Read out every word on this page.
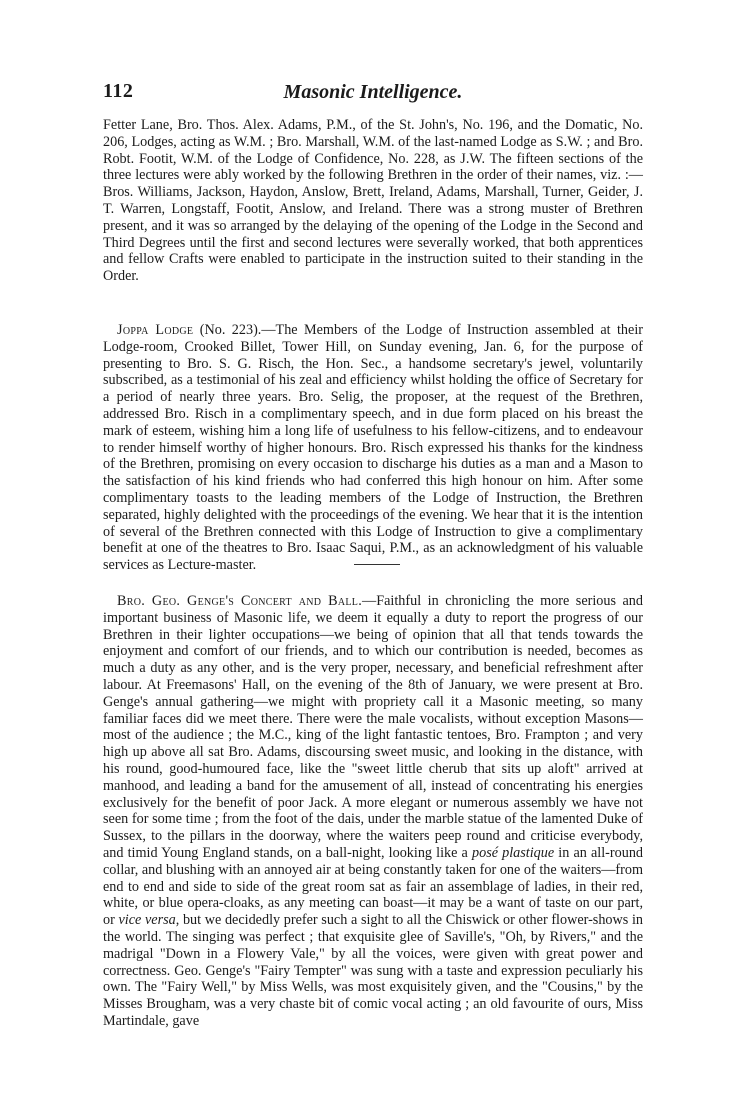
112	Masonic Intelligence.

Fetter Lane, Bro. Thos. Alex. Adams, P.M., of the St. John's, No. 196, and the Domatic, No. 206, Lodges, acting as W.M. ; Bro. Marshall, W.M. of the last-named Lodge as S.W. ; and Bro. Robt. Footit, W.M. of the Lodge of Confidence, No. 228, as J.W. The fifteen sections of the three lectures were ably worked by the following Brethren in the order of their names, viz. :—Bros. Williams, Jackson, Haydon, Anslow, Brett, Ireland, Adams, Marshall, Turner, Geider, J. T. Warren, Longstaff, Footit, Anslow, and Ireland. There was a strong muster of Brethren present, and it was so arranged by the delaying of the opening of the Lodge in the Second and Third Degrees until the first and second lectures were severally worked, that both apprentices and fellow Crafts were enabled to participate in the instruction suited to their standing in the Order.

Joppa Lodge (No. 223).—The Members of the Lodge of Instruction assembled at their Lodge-room, Crooked Billet, Tower Hill, on Sunday evening, Jan. 6, for the purpose of presenting to Bro. S. G. Risch, the Hon. Sec., a handsome secretary's jewel, voluntarily subscribed, as a testimonial of his zeal and efficiency whilst holding the office of Secretary for a period of nearly three years. Bro. Selig, the proposer, at the request of the Brethren, addressed Bro. Risch in a complimentary speech, and in due form placed on his breast the mark of esteem, wishing him a long life of usefulness to his fellow-citizens, and to endeavour to render himself worthy of higher honours. Bro. Risch expressed his thanks for the kindness of the Brethren, promising on every occasion to discharge his duties as a man and a Mason to the satisfaction of his kind friends who had conferred this high honour on him. After some complimentary toasts to the leading members of the Lodge of Instruction, the Brethren separated, highly delighted with the proceedings of the evening. We hear that it is the intention of several of the Brethren connected with this Lodge of Instruction to give a complimentary benefit at one of the theatres to Bro. Isaac Saqui, P.M., as an acknowledgment of his valuable services as Lecture-master.

Bro. Geo. Genge's Concert and Ball.—Faithful in chronicling the more serious and important business of Masonic life, we deem it equally a duty to report the progress of our Brethren in their lighter occupations—we being of opinion that all that tends towards the enjoyment and comfort of our friends, and to which our contribution is needed, becomes as much a duty as any other, and is the very proper, necessary, and beneficial refreshment after labour. At Freemasons' Hall, on the evening of the 8th of January, we were present at Bro. Genge's annual gathering—we might with propriety call it a Masonic meeting, so many familiar faces did we meet there. There were the male vocalists, without exception Masons—most of the audience ; the M.C., king of the light fantastic tentoes, Bro. Frampton ; and very high up above all sat Bro. Adams, discoursing sweet music, and looking in the distance, with his round, good-humoured face, like the "sweet little cherub that sits up aloft" arrived at manhood, and leading a band for the amusement of all, instead of concentrating his energies exclusively for the benefit of poor Jack. A more elegant or numerous assembly we have not seen for some time ; from the foot of the dais, under the marble statue of the lamented Duke of Sussex, to the pillars in the doorway, where the waiters peep round and criticise everybody, and timid Young England stands, on a ball-night, looking like a posé plastique in an all-round collar, and blushing with an annoyed air at being constantly taken for one of the waiters—from end to end and side to side of the great room sat as fair an assemblage of ladies, in their red, white, or blue opera-cloaks, as any meeting can boast—it may be a want of taste on our part, or vice versa, but we decidedly prefer such a sight to all the Chiswick or other flower-shows in the world. The singing was perfect ; that exquisite glee of Saville's, "Oh, by Rivers," and the madrigal "Down in a Flowery Vale," by all the voices, were given with great power and correctness. Geo. Genge's "Fairy Tempter" was sung with a taste and expression peculiarly his own. The "Fairy Well," by Miss Wells, was most exquisitely given, and the "Cousins," by the Misses Brougham, was a very chaste bit of comic vocal acting ; an old favourite of ours, Miss Martindale, gave
